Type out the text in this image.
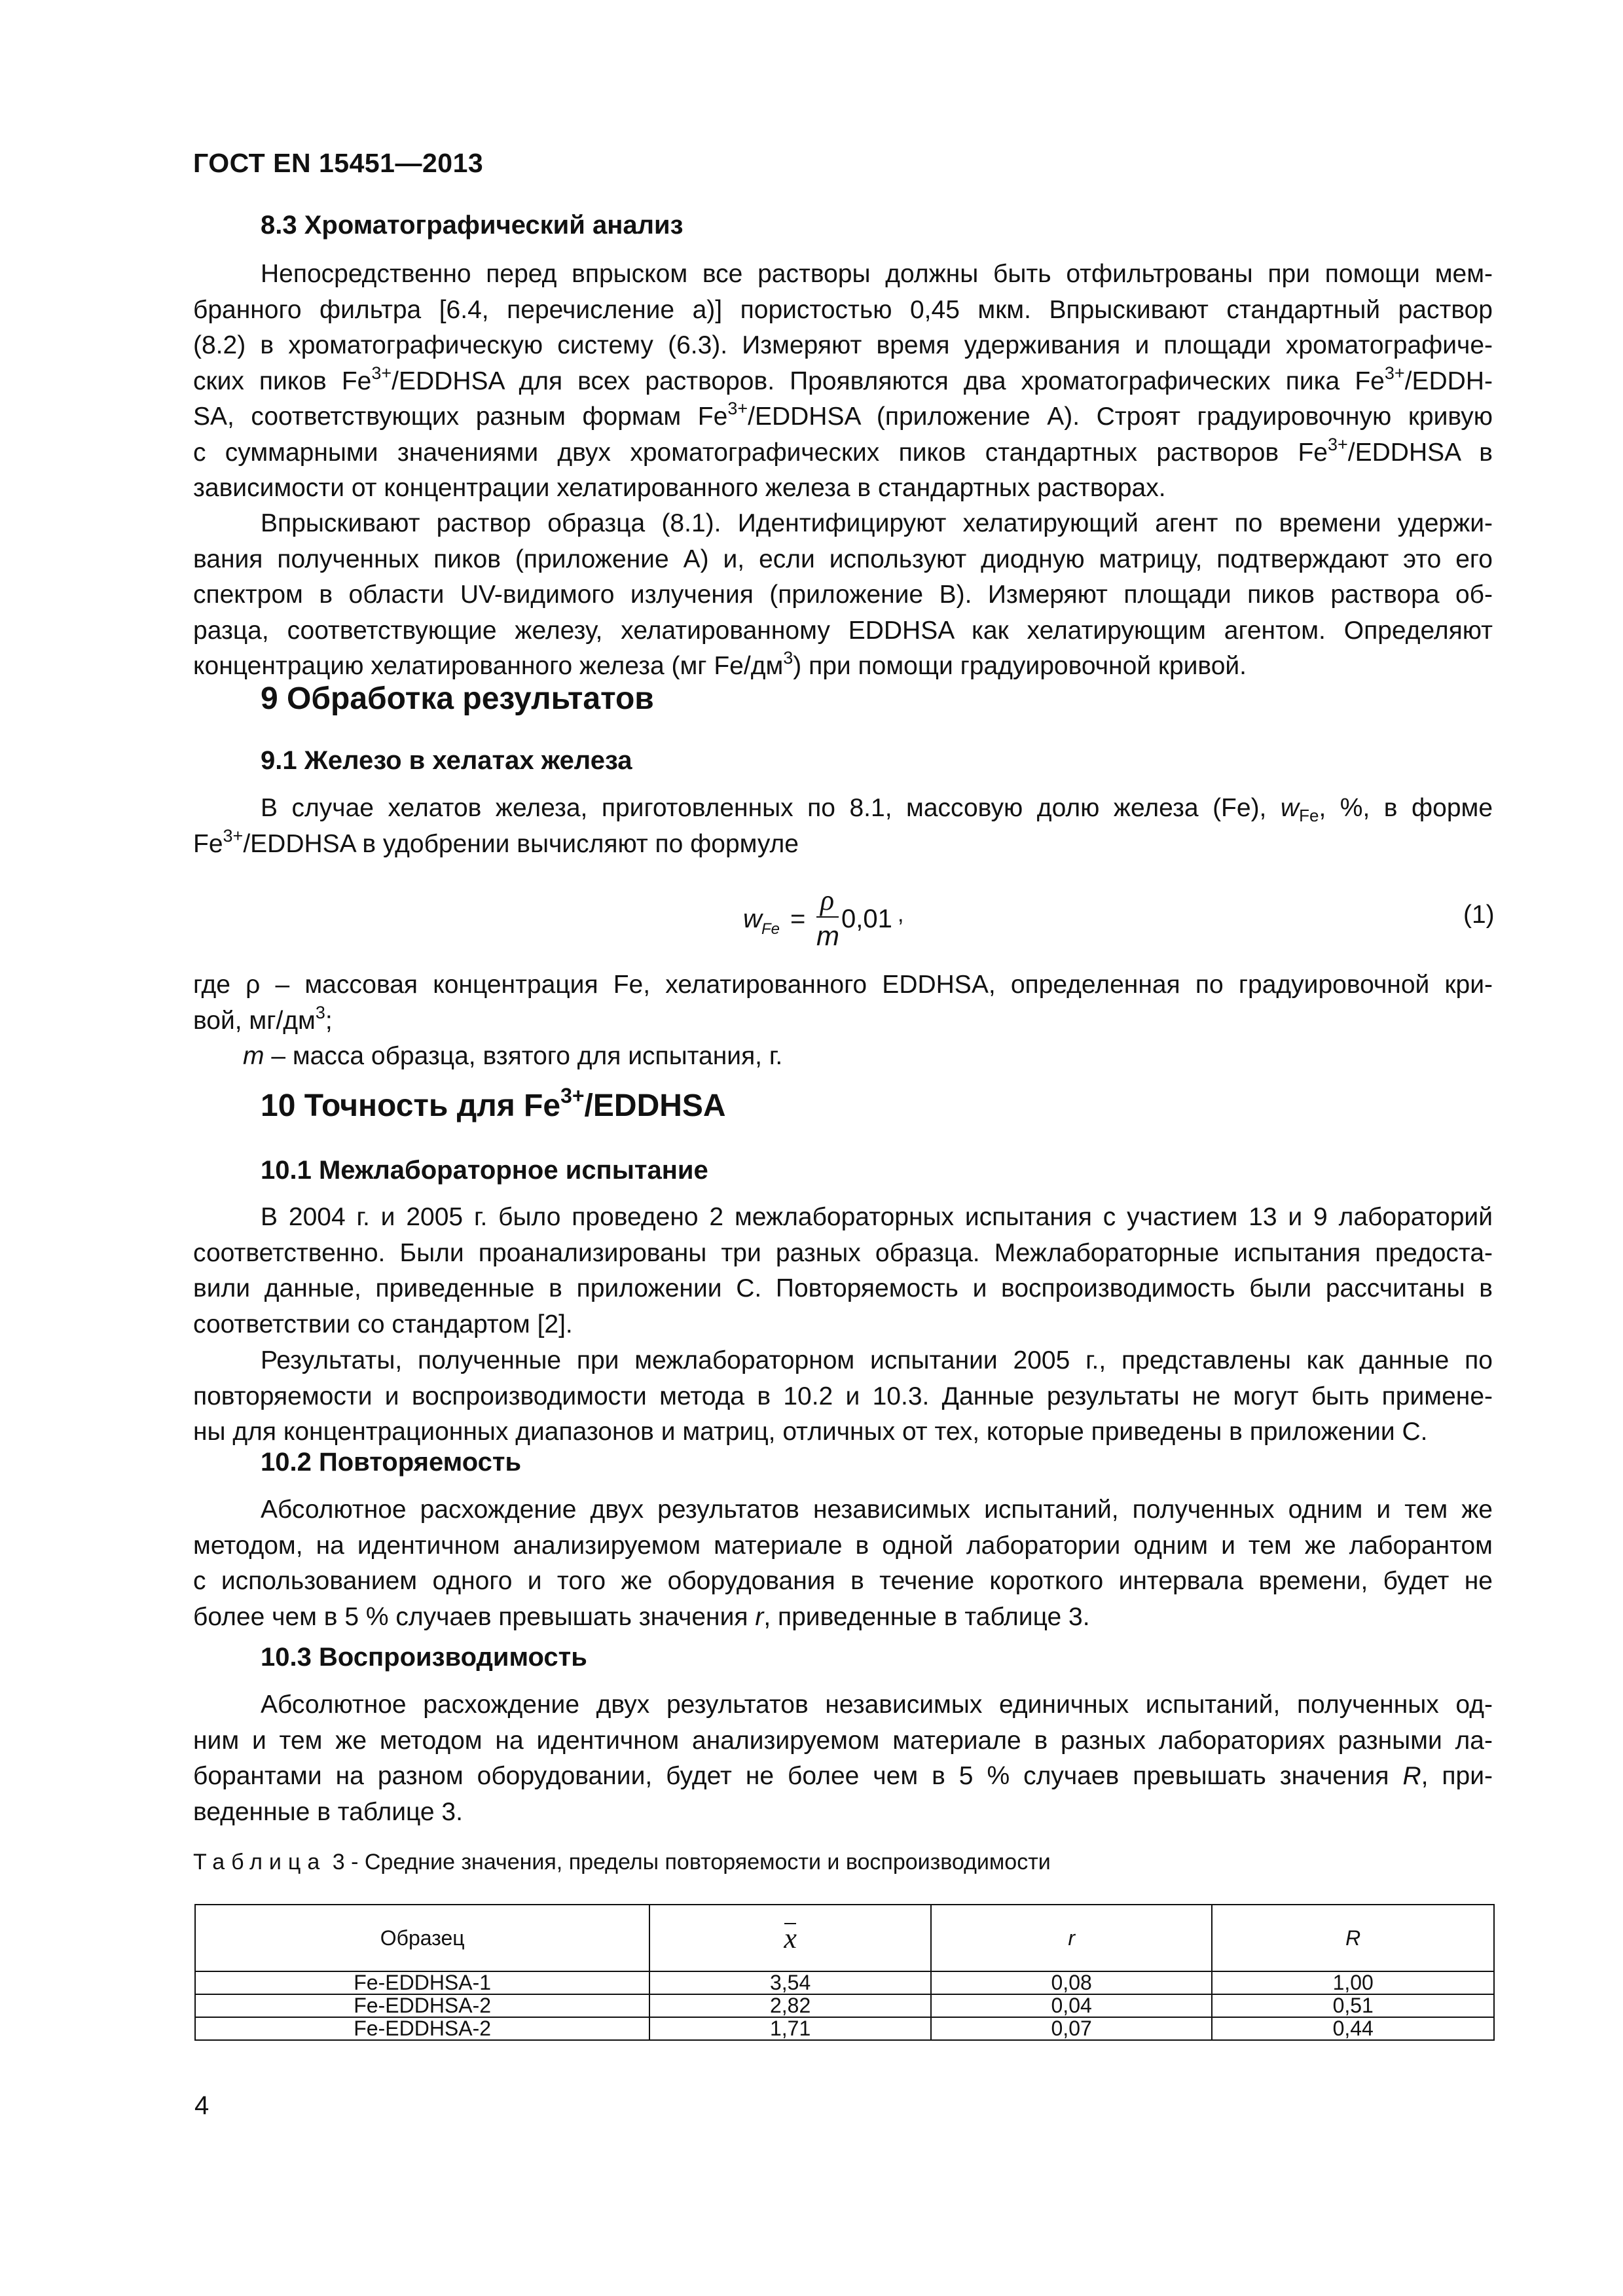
ГОСТ EN 15451—2013
8.3 Хроматографический анализ
Непосредственно перед впрыском все растворы должны быть отфильтрованы при помощи мем-
бранного фильтра [6.4, перечисление а)] пористостью 0,45 мкм. Впрыскивают стандартный раствор
(8.2) в хроматографическую систему (6.3). Измеряют время удерживания и площади хроматографиче-
ских пиков $Fe^{3+}$/EDDHSA для всех растворов. Проявляются два хроматографических пика $Fe^{3+}/EDDH-$
SA, соответствующих разным формам $Fe^{3+}$/EDDHSA (приложение А). Строят градуировочную кривую
с суммарными значениями двух хроматографических пиков стандартных растворов $Fe^{3+}$/EDDHSA в
зависимости от концентрации хелатированного железа в стандартных растворах.
Впрыскивают раствор образца (8.1). Идентифицируют хелатирующий агент по времени удержи-
вания полученных пиков (приложение А) и, если используют диодную матрицу, подтверждают это его
спектром в области UV-видимого излучения (приложение В). Измеряют площади пиков раствора об-
разца, соответствующие железу, хелатированному EDDHSA как хелатирующим агентом. Определяют
концентрацию хелатированного железа (мг $Fe/дм^3$) при помощи градуировочной кривой.
9 Обработка результатов
9.1 Железо в хелатах железа
В случае хелатов железа, приготовленных по 8.1, массовую долю железа (Fe), $w_{Fe}$, %, в форме
$Fe^{3+}$/EDDHSA в удобрении вычисляют по формуле
w Fe =
ρ
m
0,01 ,	(1)
где ρ – массовая концентрация Fe, хелатированного EDDHSA, определенная по градуировочной кри-
вой, $мг/дм^3$;
m – масса образца, взятого для испытания, г.
10 Точность для $Fe^{3+}$/EDDHSA
10.1 Межлабораторное испытание
В 2004 г. и 2005 г. было проведено 2 межлабораторных испытания с участием 13 и 9 лабораторий
соответственно. Были проанализированы три разных образца. Межлабораторные испытания предоста-
вили данные, приведенные в приложении С. Повторяемость и воспроизводимость были рассчитаны в
соответствии со стандартом [2].
Результаты, полученные при межлабораторном испытании 2005 г., представлены как данные по
повторяемости и воспроизводимости метода в 10.2 и 10.3. Данные результаты не могут быть примене-
ны для концентрационных диапазонов и матриц, отличных от тех, которые приведены в приложении С.
10.2 Повторяемость
Абсолютное расхождение двух результатов независимых испытаний, полученных одним и тем же
методом, на идентичном анализируемом материале в одной лаборатории одним и тем же лаборантом
с использованием одного и того же оборудования в течение короткого интервала времени, будет не
более чем в 5 % случаев превышать значения r, приведенные в таблице 3.
10.3 Воспроизводимость
Абсолютное расхождение двух результатов независимых единичных испытаний, полученных од-
ним и тем же методом на идентичном анализируемом материале в разных лабораториях разными ла-
борантами на разном оборудовании, будет не более чем в 5 % случаев превышать значения R, при-
веденные в таблице 3.
Таблица 3 - Средние значения, пределы повторяемости и воспроизводимости
Образец	x	r	R
Fe-EDDHSA-1	3,54	0,08	1,00
Fe-EDDHSA-2	2,82	0,04	0,51
Fe-EDDHSA-2	1,71	0,07	0,44
4
